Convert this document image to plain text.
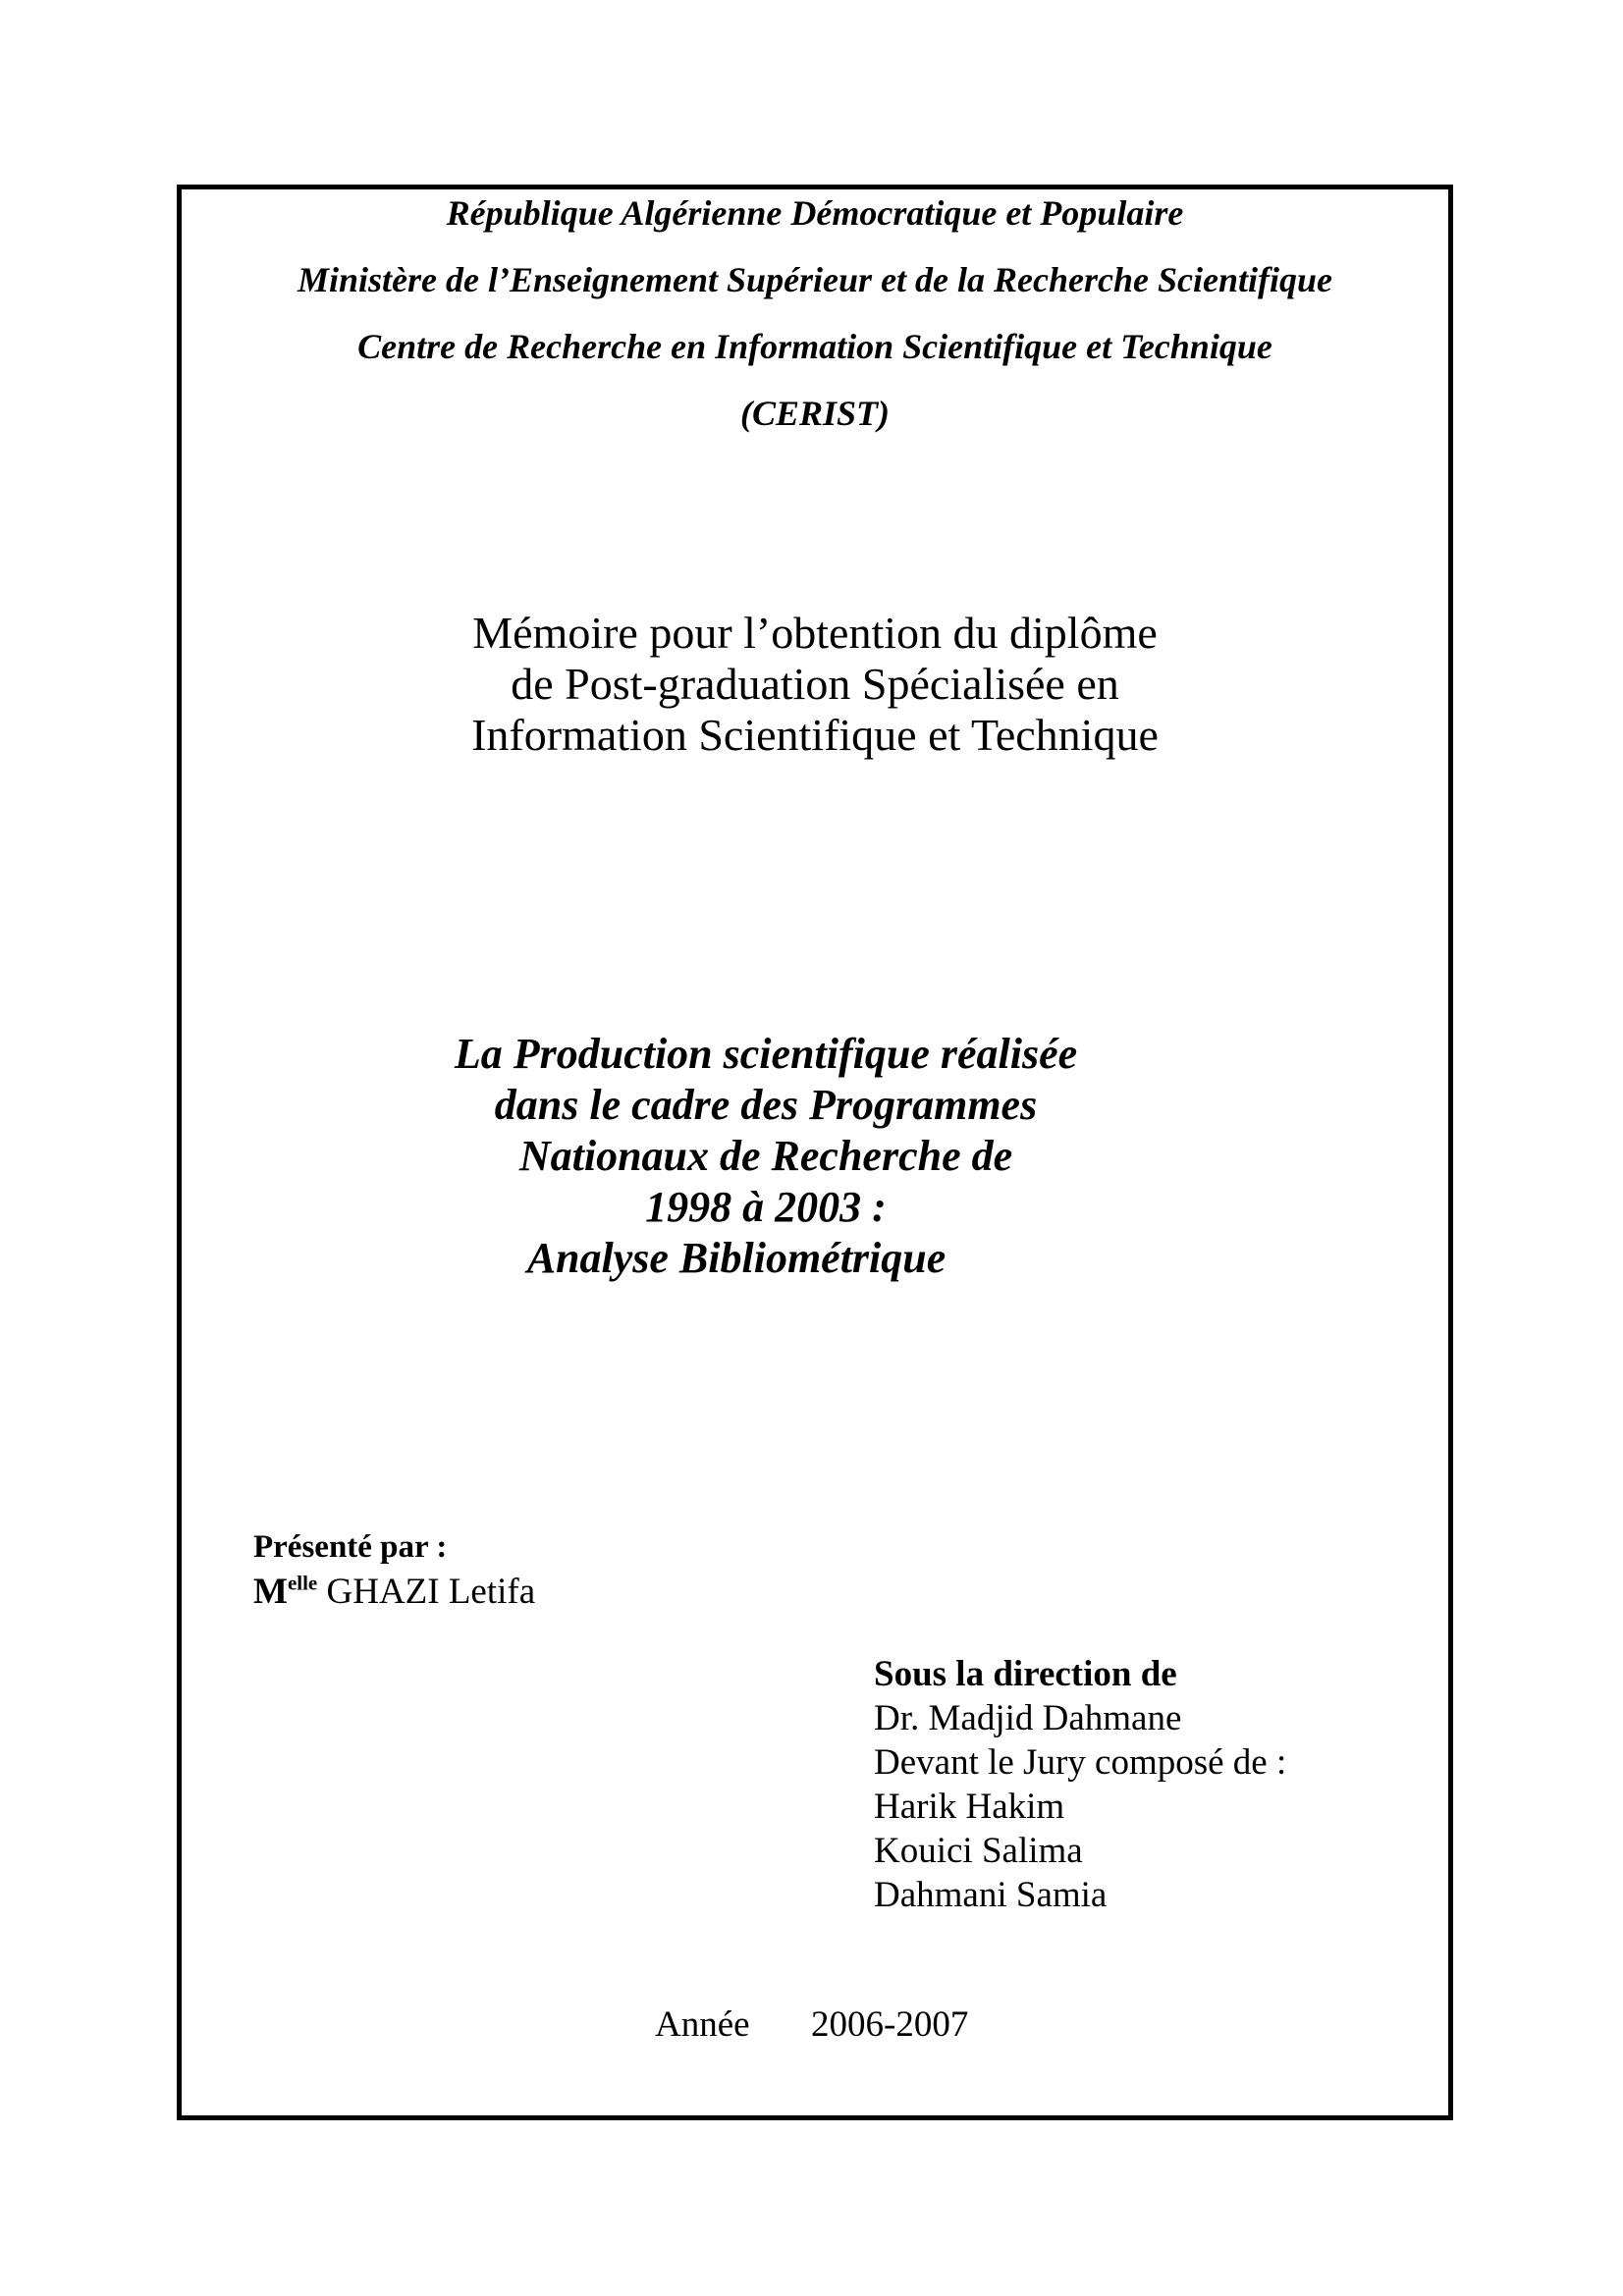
République Algérienne Démocratique et Populaire
Ministère de l’Enseignement Supérieur et de la Recherche Scientifique
Centre de Recherche en Information Scientifique et Technique
(CERIST)
Mémoire pour l’obtention du diplôme
de Post-graduation Spécialisée en
Information Scientifique et Technique
La Production scientifique réalisée
dans le cadre des Programmes
Nationaux de Recherche de
1998 à 2003 :
Analyse Bibliométrique
Présenté par :
$M^{elle}$ GHAZI Letifa
Sous la direction de
Dr. Madjid Dahmane
Devant le Jury composé de :
Harik Hakim
Kouici Salima
Dahmani Samia
Année 2006-2007
